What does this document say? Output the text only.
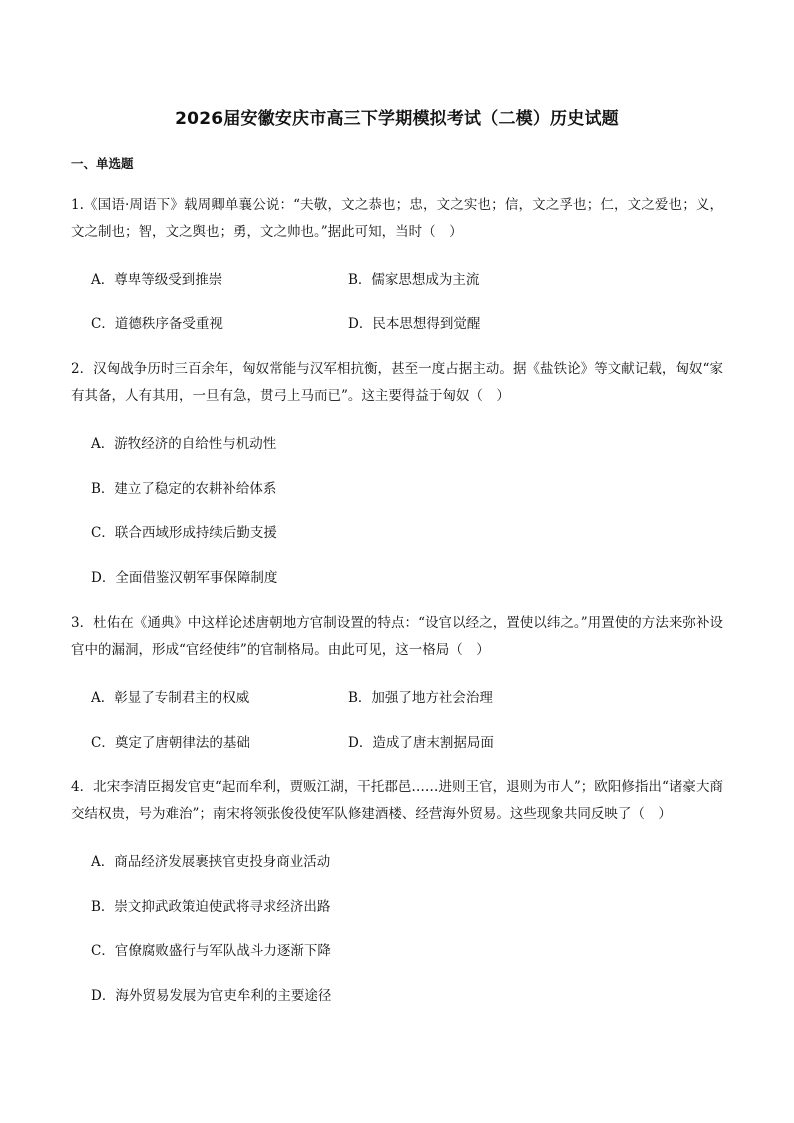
2026届安徽安庆市高三下学期模拟考试（二模）历史试题
一、单选题
1.《国语·周语下》载周卿单襄公说：“夫敬，文之恭也；忠，文之实也；信，文之孚也；仁，文之爱也；义，文之制也；智，文之舆也；勇，文之帅也。”据此可知，当时（　）
A．尊卑等级受到推崇	B．儒家思想成为主流
C．道德秩序备受重视	D．民本思想得到觉醒
2．汉匈战争历时三百余年，匈奴常能与汉军相抗衡，甚至一度占据主动。据《盐铁论》等文献记载，匈奴“家有其备，人有其用，一旦有急，贯弓上马而已”。这主要得益于匈奴（　）
A．游牧经济的自给性与机动性
B．建立了稳定的农耕补给体系
C．联合西域形成持续后勤支援
D．全面借鉴汉朝军事保障制度
3．杜佑在《通典》中这样论述唐朝地方官制设置的特点：“设官以经之，置使以纬之。”用置使的方法来弥补设官中的漏洞，形成“官经使纬”的官制格局。由此可见，这一格局（　）
A．彰显了专制君主的权威	B．加强了地方社会治理
C．奠定了唐朝律法的基础	D．造成了唐末割据局面
4．北宋李清臣揭发官吏“起而牟利，贾贩江湖，干托郡邑……进则王官，退则为市人”；欧阳修指出“诸豪大商交结权贵，号为难治”；南宋将领张俊役使军队修建酒楼、经营海外贸易。这些现象共同反映了（　）
A．商品经济发展裹挟官吏投身商业活动
B．崇文抑武政策迫使武将寻求经济出路
C．官僚腐败盛行与军队战斗力逐渐下降
D．海外贸易发展为官吏牟利的主要途径
